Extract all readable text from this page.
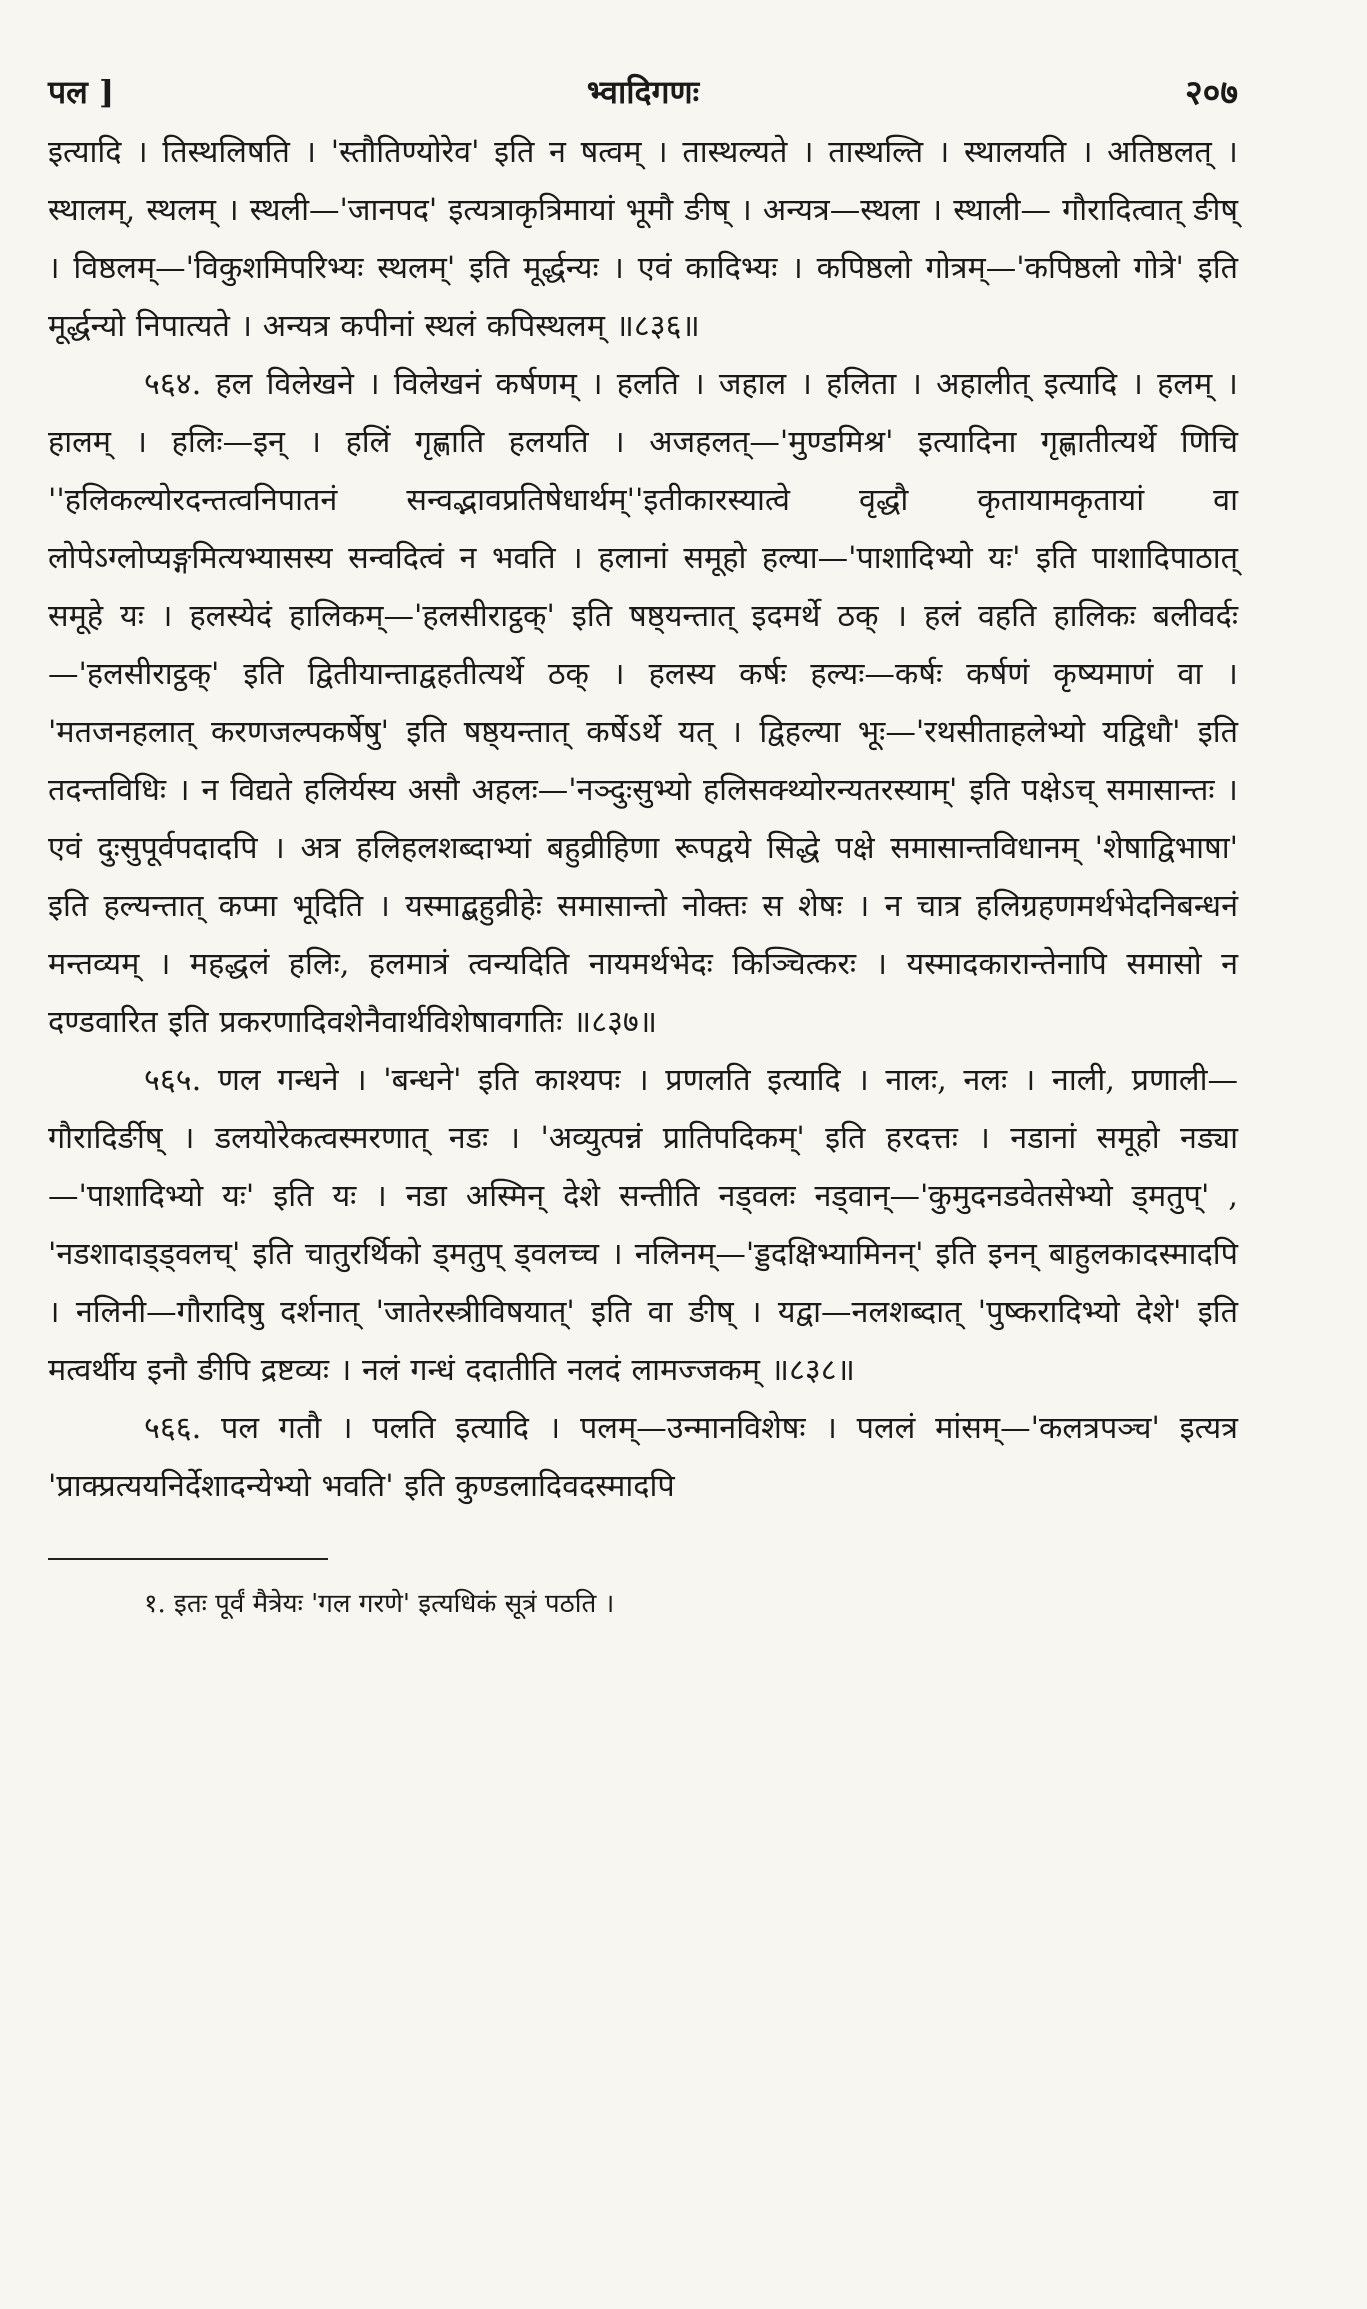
पल ]	भ्वादिगणः	२०७

इत्यादि । तिस्थलिषति । 'स्तौतिण्योरेव' इति न षत्वम् । तास्थल्यते । तास्थल्ति । स्थालयति । अतिष्ठलत् । स्थालम्, स्थलम् । स्थली—'जानपद' इत्यत्राकृत्रिमायां भूमौ ङीष् । अन्यत्र—स्थला । स्थाली— गौरादित्वात् ङीष् । विष्ठलम्—'विकुशमिपरिभ्यः स्थलम्' इति मूर्द्धन्यः । एवं कादिभ्यः । कपिष्ठलो गोत्रम्—'कपिष्ठलो गोत्रे' इति मूर्द्धन्यो निपात्यते । अन्यत्र कपीनां स्थलं कपिस्थलम् ॥८३६॥

५६४. हल विलेखने । विलेखनं कर्षणम् । हलति । जहाल । हलिता । अहालीत् इत्यादि । हलम् । हालम् । हलिः—इन् । हलिं गृह्णाति हलयति । अजहलत्—'मुण्डमिश्र' इत्यादिना गृह्णातीत्यर्थे णिचि ''हलिकल्योरदन्तत्वनिपातनं सन्वद्भावप्रतिषेधार्थम्''इतीकारस्यात्वे वृद्धौ कृतायामकृतायां वा लोपेऽग्लोप्यङ्गमित्यभ्यासस्य सन्वदित्वं न भवति । हलानां समूहो हल्या—'पाशादिभ्यो यः' इति पाशादिपाठात् समूहे यः । हलस्येदं हालिकम्—'हलसीराट्ठक्' इति षष्ठ्यन्तात् इदमर्थे ठक् । हलं वहति हालिकः बलीवर्दः—'हलसीराट्ठक्' इति द्वितीयान्ताद्वहतीत्यर्थे ठक् । हलस्य कर्षः हल्यः—कर्षः कर्षणं कृष्यमाणं वा । 'मतजनहलात् करणजल्पकर्षेषु' इति षष्ठ्यन्तात् कर्षेऽर्थे यत् । द्विहल्या भूः—'रथसीताहलेभ्यो यद्विधौ' इति तदन्तविधिः । न विद्यते हलिर्यस्य असौ अहलः—'नञ्दुःसुभ्यो हलिसक्थ्योरन्यतरस्याम्' इति पक्षेऽच् समासान्तः । एवं दुःसुपूर्वपदादपि । अत्र हलिहलशब्दाभ्यां बहुव्रीहिणा रूपद्वये सिद्धे पक्षे समासान्तविधानम् 'शेषाद्विभाषा' इति हल्यन्तात् कप्मा भूदिति । यस्माद्बहुव्रीहेः समासान्तो नोक्तः स शेषः । न चात्र हलिग्रहणमर्थभेदनिबन्धनं मन्तव्यम् । महद्धलं हलिः, हलमात्रं त्वन्यदिति नायमर्थभेदः किञ्चित्करः । यस्मादकारान्तेनापि समासो न दण्डवारित इति प्रकरणादिवशेनैवार्थविशेषावगतिः ॥८३७॥

५६५. णल गन्धने । 'बन्धने' इति काश्यपः । प्रणलति इत्यादि । नालः, नलः । नाली, प्रणाली—गौरादिर्ङीष् । डलयोरेकत्वस्मरणात् नडः । 'अव्युत्पन्नं प्रातिपदिकम्' इति हरदत्तः । नडानां समूहो नड्या—'पाशादिभ्यो यः' इति यः । नडा अस्मिन् देशे सन्तीति नड्वलः नड्वान्—'कुमुदनडवेतसेभ्यो ड्मतुप्' , 'नडशादाड्ड्वलच्' इति चातुरर्थिको ड्मतुप् ड्वलच्च । नलिनम्—'ड्डदक्षिभ्यामिनन्' इति इनन् बाहुलकादस्मादपि । नलिनी—गौरादिषु दर्शनात् 'जातेरस्त्रीविषयात्' इति वा ङीष् । यद्वा—नलशब्दात् 'पुष्करादिभ्यो देशे' इति मत्वर्थीय इनौ ङीपि द्रष्टव्यः । नलं गन्धं ददातीति नलदं लामज्जकम् ॥८३८॥

५६६. पल गतौ । पलति इत्यादि । पलम्—उन्मानविशेषः । पललं मांसम्—'कलत्रपञ्च' इत्यत्र 'प्राक्प्रत्ययनिर्देशादन्येभ्यो भवति' इति कुण्डलादिवदस्मादपि

१. इतः पूर्वं मैत्रेयः 'गल गरणे' इत्यधिकं सूत्रं पठति ।
